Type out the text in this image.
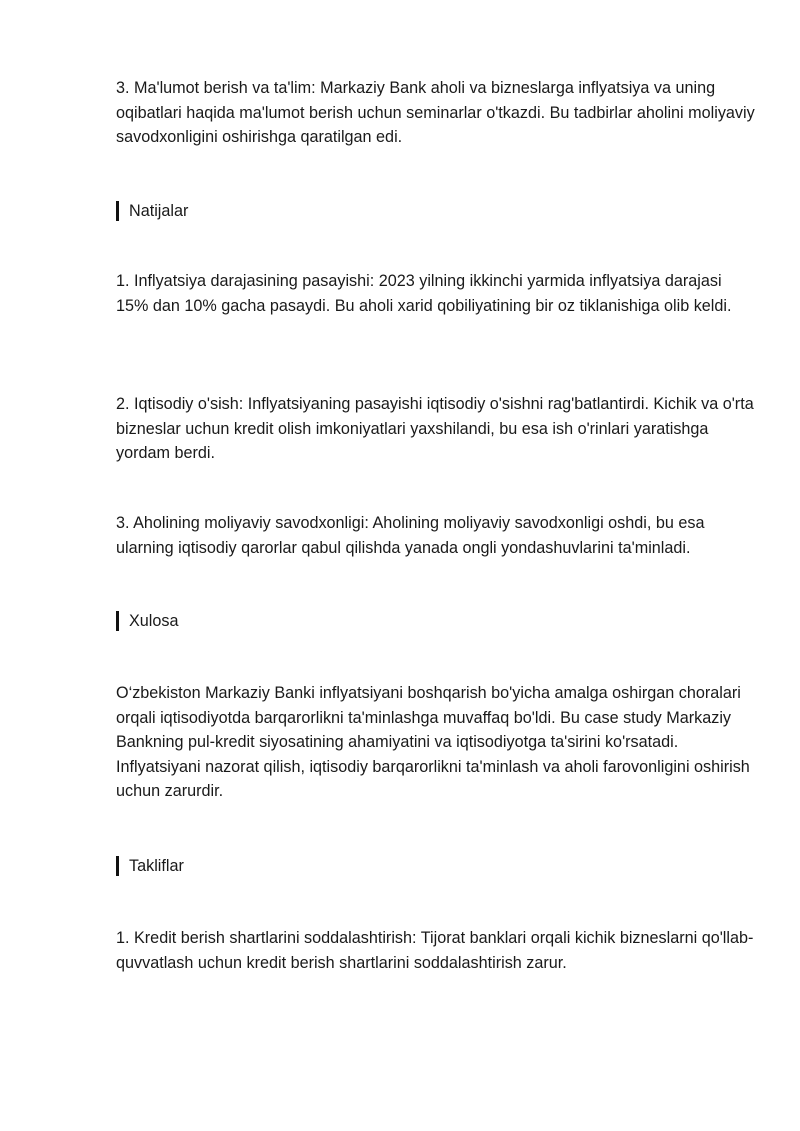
3. Ma'lumot berish va ta'lim: Markaziy Bank aholi va bizneslarga inflyatsiya va uning oqibatlari haqida ma'lumot berish uchun seminarlar o'tkazdi. Bu tadbirlar aholini moliyaviy savodxonligini oshirishga qaratilgan edi.

Natijalar

1. Inflyatsiya darajasining pasayishi: 2023 yilning ikkinchi yarmida inflyatsiya darajasi 15% dan 10% gacha pasaydi. Bu aholi xarid qobiliyatining bir oz tiklanishiga olib keldi.

2. Iqtisodiy o'sish: Inflyatsiyaning pasayishi iqtisodiy o'sishni rag'batlantirdi. Kichik va o'rta bizneslar uchun kredit olish imkoniyatlari yaxshilandi, bu esa ish o'rinlari yaratishga yordam berdi.

3. Aholining moliyaviy savodxonligi: Aholining moliyaviy savodxonligi oshdi, bu esa ularning iqtisodiy qarorlar qabul qilishda yanada ongli yondashuvlarini ta'minladi.

Xulosa

O‘zbekiston Markaziy Banki inflyatsiyani boshqarish bo'yicha amalga oshirgan choralari orqali iqtisodiyotda barqarorlikni ta'minlashga muvaffaq bo'ldi. Bu case study Markaziy Bankning pul-kredit siyosatining ahamiyatini va iqtisodiyotga ta'sirini ko'rsatadi. Inflyatsiyani nazorat qilish, iqtisodiy barqarorlikni ta'minlash va aholi farovonligini oshirish uchun zarurdir.

Takliflar

1. Kredit berish shartlarini soddalashtirish: Tijorat banklari orqali kichik bizneslarni qo'llab-quvvatlash uchun kredit berish shartlarini soddalashtirish zarur.
